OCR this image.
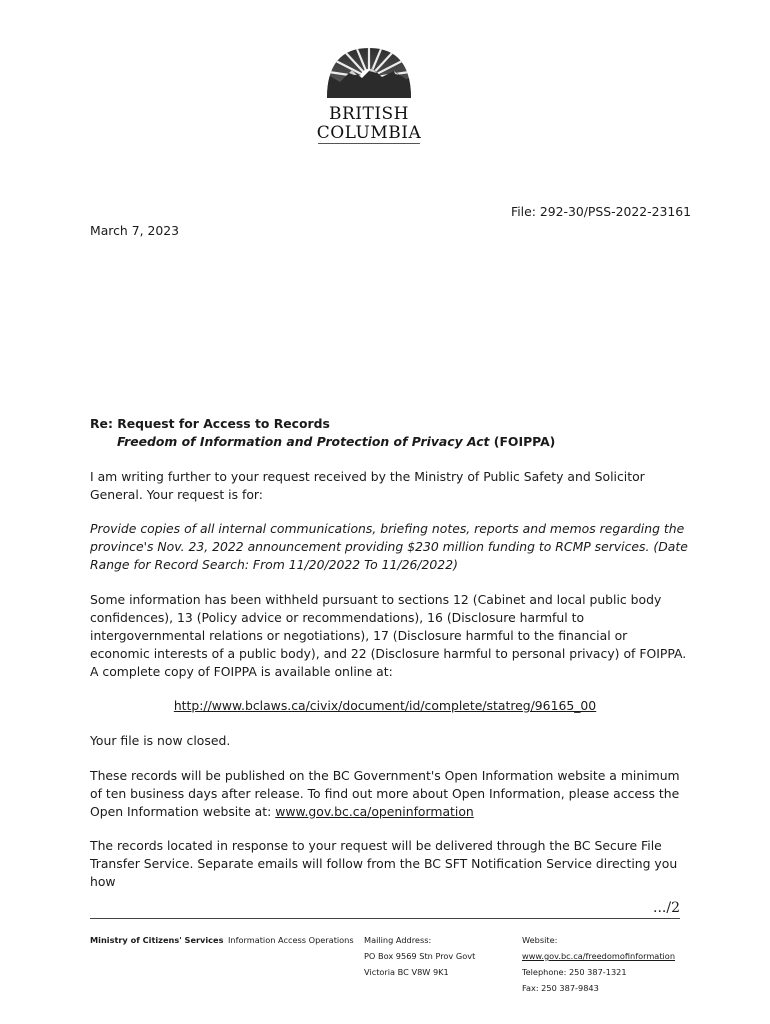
BRITISH
COLUMBIA
File: 292-30/PSS-2022-23161
March 7, 2023
Re: Request for Access to Records
Freedom of Information and Protection of Privacy Act (FOIPPA)
I am writing further to your request received by the Ministry of Public Safety and Solicitor General. Your request is for:
Provide copies of all internal communications, briefing notes, reports and memos regarding the province's Nov. 23, 2022 announcement providing $230 million funding to RCMP services. (Date Range for Record Search: From 11/20/2022 To 11/26/2022)
Some information has been withheld pursuant to sections 12 (Cabinet and local public body confidences), 13 (Policy advice or recommendations), 16 (Disclosure harmful to intergovernmental relations or negotiations), 17 (Disclosure harmful to the financial or economic interests of a public body), and 22 (Disclosure harmful to personal privacy) of FOIPPA. A complete copy of FOIPPA is available online at:
http://www.bclaws.ca/civix/document/id/complete/statreg/96165_00
Your file is now closed.
These records will be published on the BC Government's Open Information website a minimum of ten business days after release. To find out more about Open Information, please access the Open Information website at: www.gov.bc.ca/openinformation
The records located in response to your request will be delivered through the BC Secure File Transfer Service. Separate emails will follow from the BC SFT Notification Service directing you how
.../2
Ministry of Citizens' Services Information Access Operations Mailing Address:
PO Box 9569 Stn Prov Govt
Victoria BC V8W 9K1
Website:
www.gov.bc.ca/freedomofinformation
Telephone: 250 387-1321
Fax: 250 387-9843
